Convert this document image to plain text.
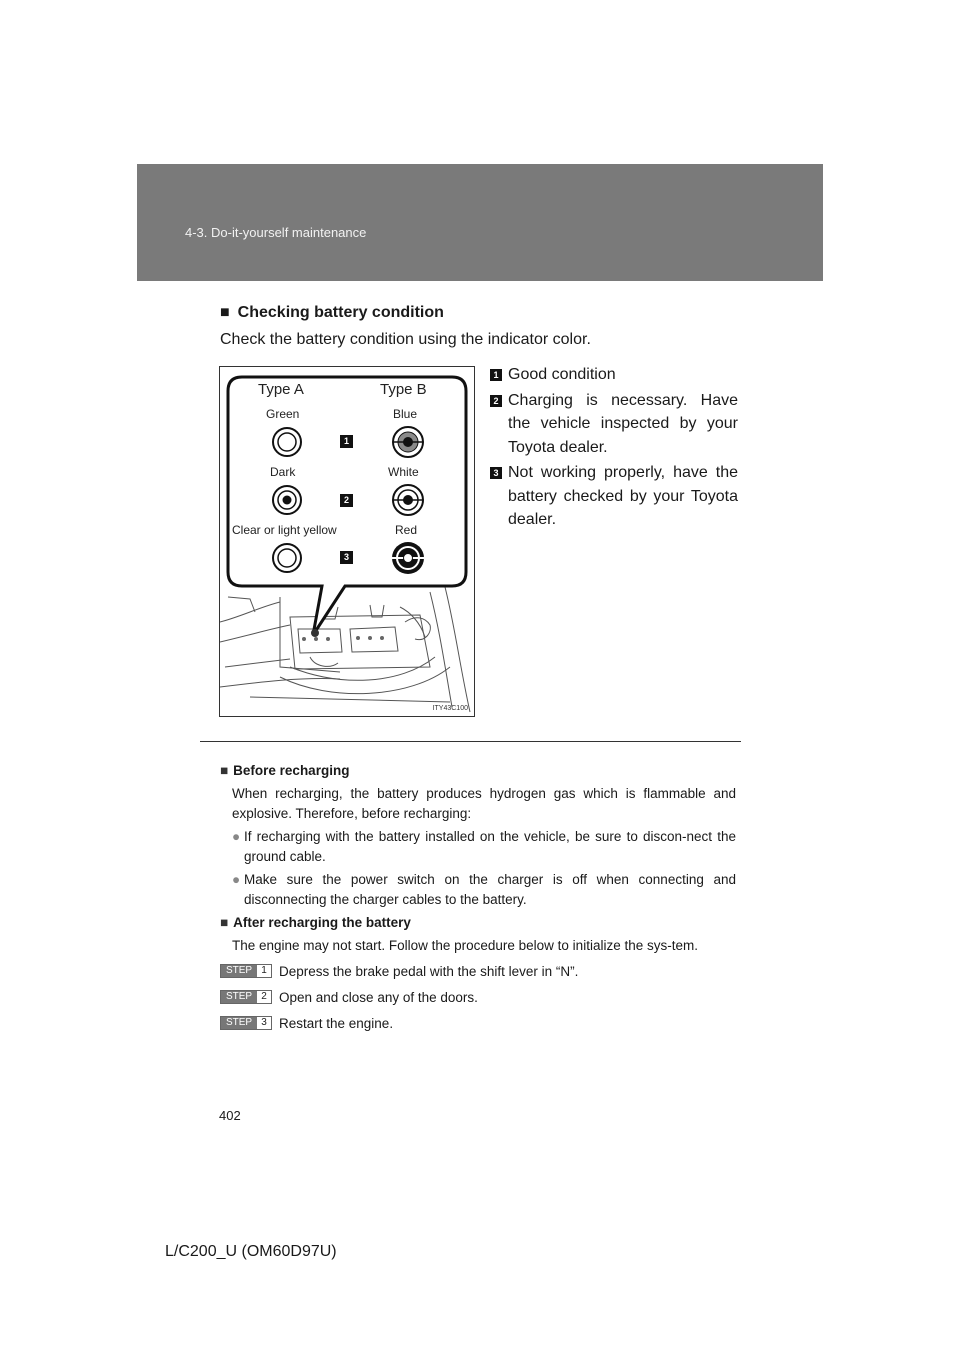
4-3. Do-it-yourself maintenance
■ Checking battery condition
Check the battery condition using the indicator color.
Type A	Type B
Green	Blue
Dark	White
Clear or light yellow	Red
1
2
3
ITY43C100
1 Good condition
2 Charging is necessary. Have the vehicle inspected by your Toyota dealer.
3 Not working properly, have the battery checked by your Toyota dealer.
■ Before recharging
When recharging, the battery produces hydrogen gas which is flammable and explosive. Therefore, before recharging:
● If recharging with the battery installed on the vehicle, be sure to discon-nect the ground cable.
● Make sure the power switch on the charger is off when connecting and disconnecting the charger cables to the battery.
■ After recharging the battery
The engine may not start. Follow the procedure below to initialize the sys-tem.
STEP 1 Depress the brake pedal with the shift lever in “N”.
STEP 2 Open and close any of the doors.
STEP 3 Restart the engine.
402
L/C200_U (OM60D97U)
